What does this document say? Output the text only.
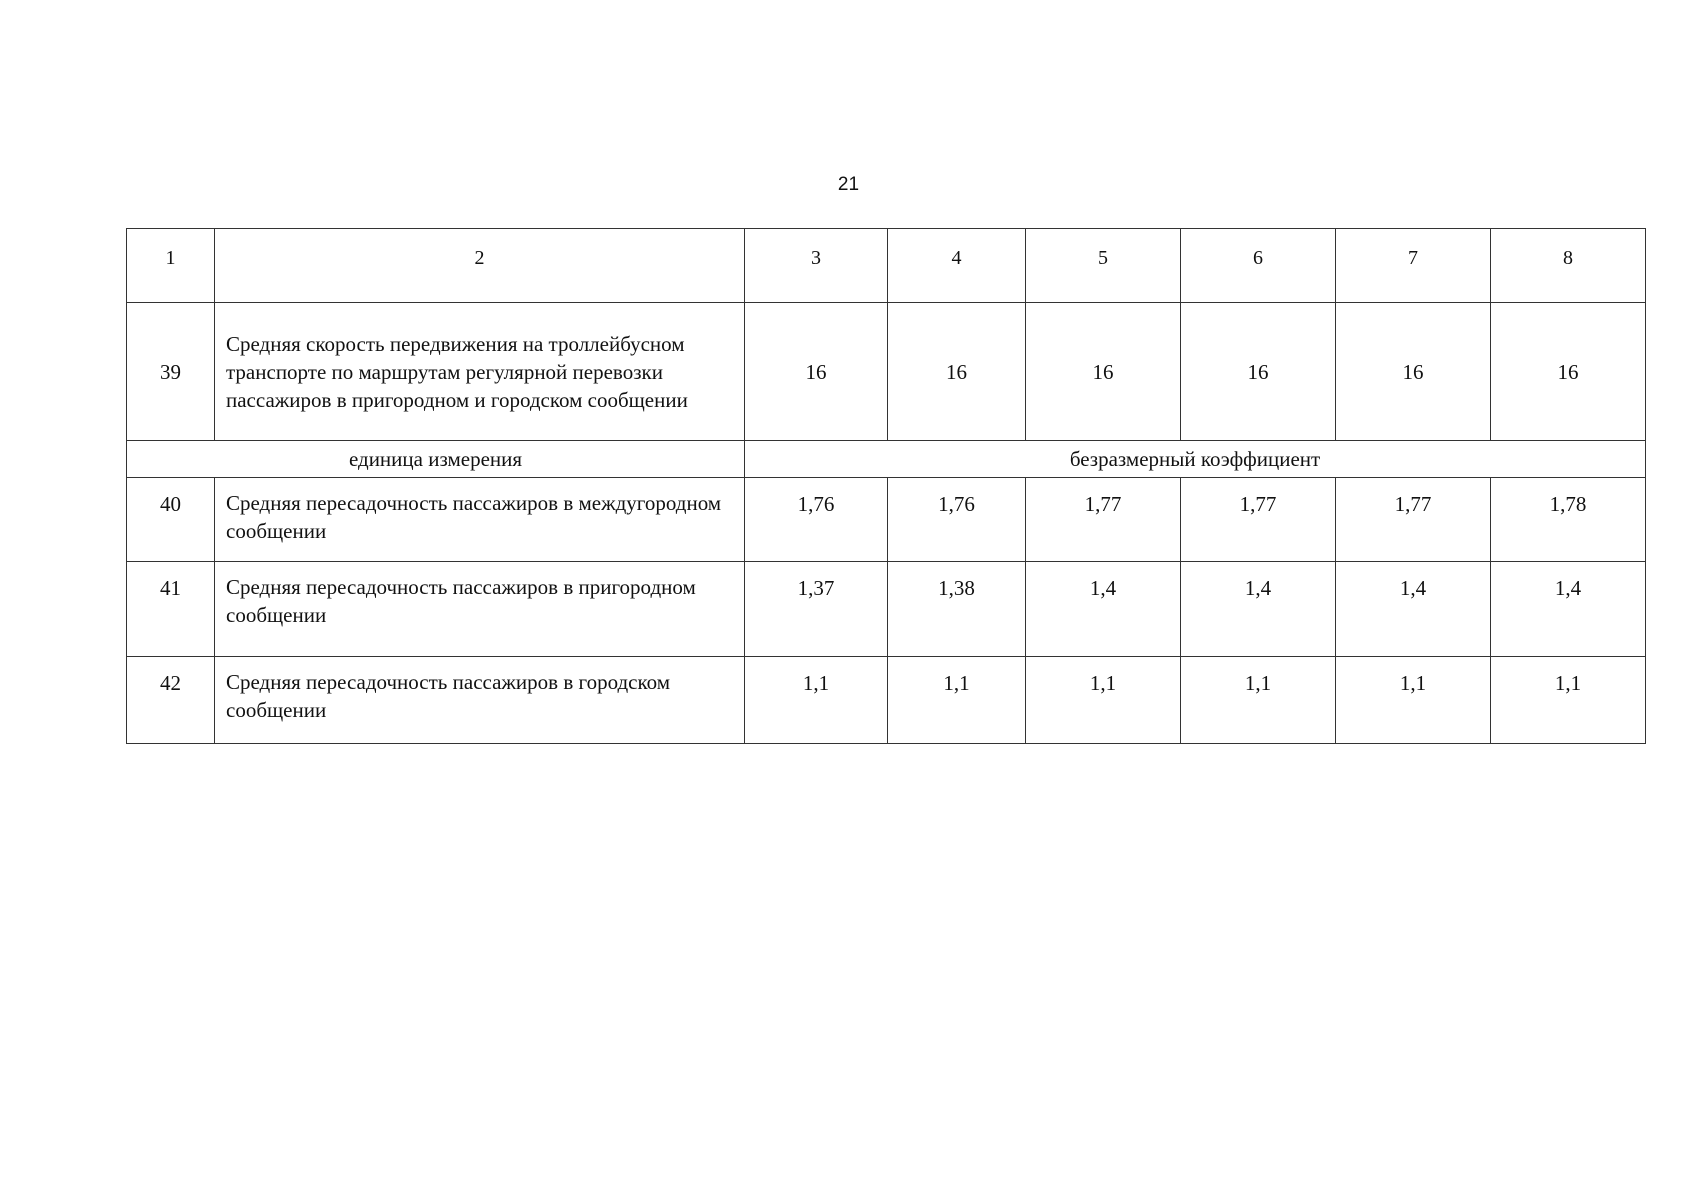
21
1	2	3	4	5	6	7	8
39	Средняя скорость передвижения на троллейбусном транспорте по маршрутам регулярной перевозки пассажиров в пригородном и городском сообщении	16	16	16	16	16	16
единица измерения		безразмерный коэффициент					
40	Средняя пересадочность пассажиров в междугородном сообщении	1,76	1,76	1,77	1,77	1,77	1,78
41	Средняя пересадочность пассажиров в пригородном сообщении	1,37	1,38	1,4	1,4	1,4	1,4
42	Средняя пересадочность пассажиров в городском сообщении	1,1	1,1	1,1	1,1	1,1	1,1
